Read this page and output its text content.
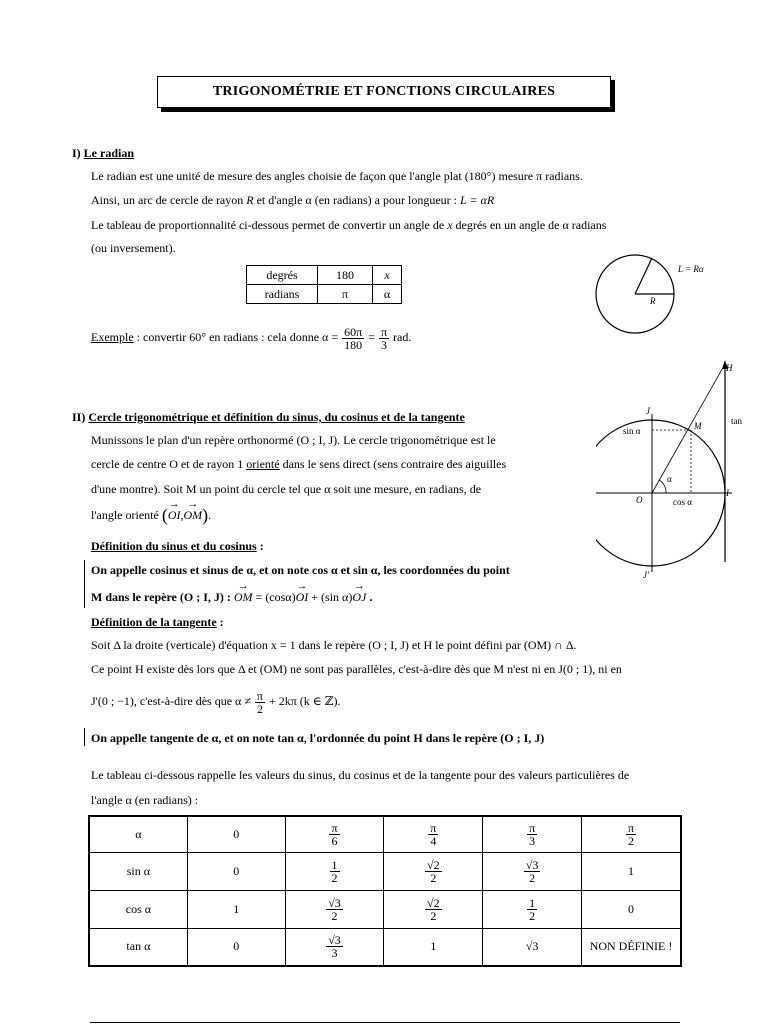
TRIGONOMÉTRIE ET FONCTIONS CIRCULAIRES
I) Le radian
Le radian est une unité de mesure des angles choisie de façon que l'angle plat (180°) mesure π radians.
Ainsi, un arc de cercle de rayon R et d'angle α (en radians) a pour longueur : L = αR
Le tableau de proportionnalité ci-dessous permet de convertir un angle de x degrés en un angle de α radians
(ou inversement).
degrés	180	x
radians	π	α
Exemple : convertir 60° en radians : cela donne $\alpha = \frac{60\pi}{180} = \frac{\pi}{3}$ rad.
L = Rα
R
II) Cercle trigonométrique et définition du sinus, du cosinus et de la tangente
Munissons le plan d'un repère orthonormé (O ; I, J). Le cercle trigonométrique est le
cercle de centre O et de rayon 1 orienté dans le sens direct (sens contraire des aiguilles
d'une montre). Soit M un point du cercle tel que α soit une mesure, en radians, de
l'angle orienté (→ OI,→ OM).
Définition du sinus et du cosinus :
On appelle cosinus et sinus de α, et on note cos α et sin α, les coordonnées du point
M dans le repère (O ; I, J) : → OM = (cosα)→ OI + (sin α)→ OJ .
Définition de la tangente :
Soit Δ la droite (verticale) d'équation x = 1 dans le repère (O ; I, J) et H le point défini par (OM) ∩ Δ.
Ce point H existe dès lors que Δ et (OM) ne sont pas parallèles, c'est-à-dire dès que M n'est ni en J(0 ; 1), ni en
J'(0 ; −1), c'est-à-dire dès que $\alpha \ne \frac{\pi}{2} + 2k\pi$ (k ∈ ℤ).
On appelle tangente de α, et on note tan α, l'ordonnée du point H dans le repère (O ; I, J)
Le tableau ci-dessous rappelle les valeurs du sinus, du cosinus et de la tangente pour des valeurs particulières de
l'angle α (en radians) :
H
J
M
sin α
tan
α
O	cos α
I
J'
α	0	$\frac{\pi}{6}$	$\frac{\pi}{4}$	$\frac{\pi}{3}$	$\frac{\pi}{2}$

sin α	0	$\frac{1}{2}$	$\frac{√2}{2}$	$\frac{√3}{2}$	1
cos α	1	$\frac{√3}{2}$	$\frac{√2}{2}$	$\frac{1}{2}$	0
tan α	0	$\frac{√3}{3}$	1	√3	NON DÉFINIE !
